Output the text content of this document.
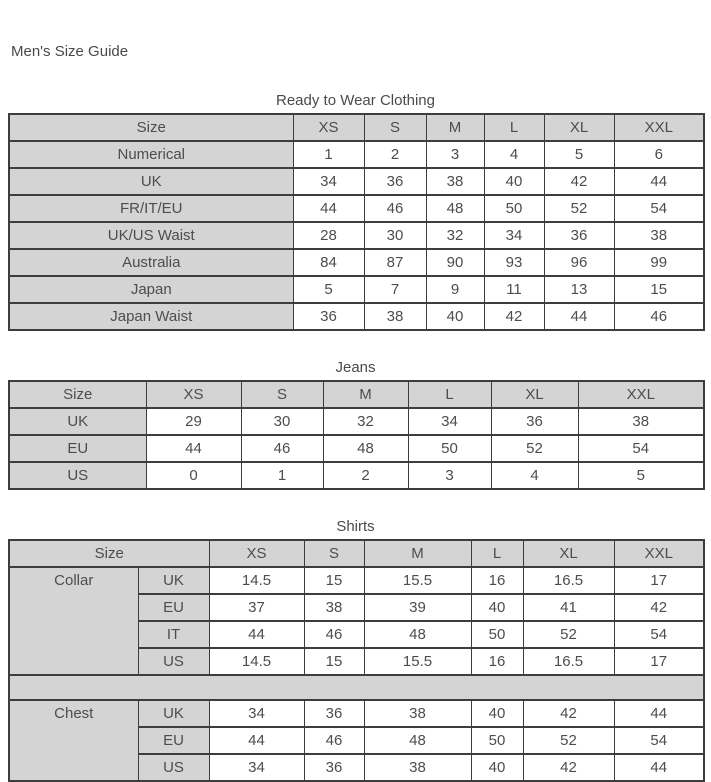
Men's Size Guide
Ready to Wear Clothing
Size	XS	S	M	L	XL	XXL
Numerical	1	2	3	4	5	6
UK	34	36	38	40	42	44
FR/IT/EU	44	46	48	50	52	54
UK/US Waist	28	30	32	34	36	38
Australia	84	87	90	93	96	99
Japan	5	7	9	11	13	15
Japan Waist	36	38	40	42	44	46
Jeans
Size	XS	S	M	L	XL	XXL
UK	29	30	32	34	36	38
EU	44	46	48	50	52	54
US	0	1	2	3	4	5
Shirts
Size		XS	S	M	L	XL	XXL
Collar	UK	14.5	15	15.5	16	16.5	17
	EU	37	38	39	40	41	42
	IT	44	46	48	50	52	54
	US	14.5	15	15.5	16	16.5	17

Chest	UK	34	36	38	40	42	44
	EU	44	46	48	50	52	54
	US	34	36	38	40	42	44
